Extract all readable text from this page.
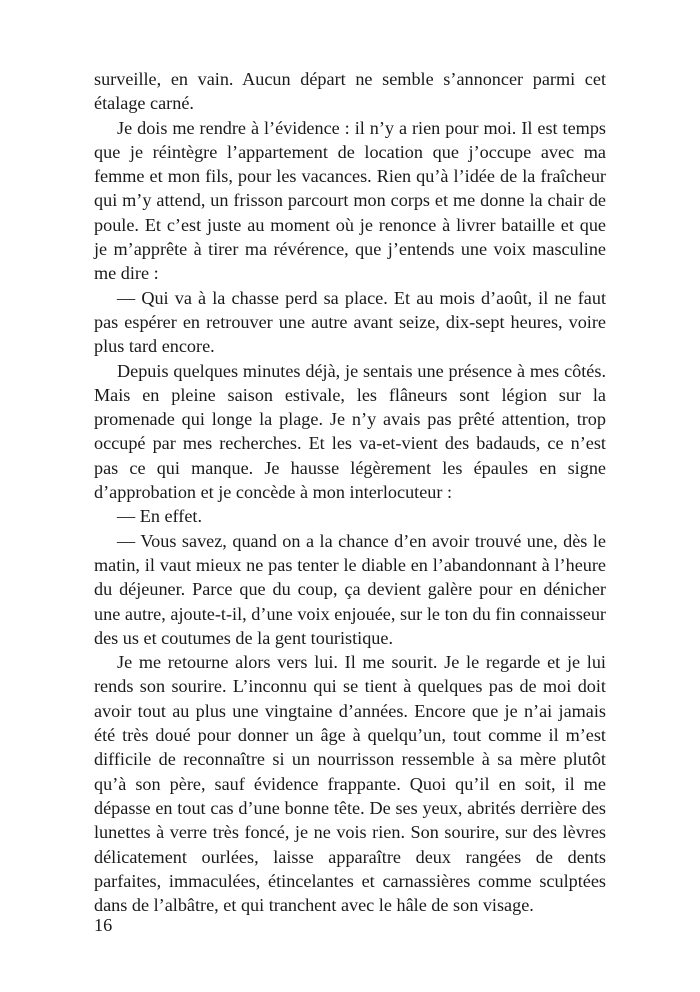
surveille, en vain. Aucun départ ne semble s’annoncer parmi cet étalage carné.

Je dois me rendre à l’évidence : il n’y a rien pour moi. Il est temps que je réintègre l’appartement de location que j’occupe avec ma femme et mon fils, pour les vacances. Rien qu’à l’idée de la fraîcheur qui m’y attend, un frisson parcourt mon corps et me donne la chair de poule. Et c’est juste au moment où je renonce à livrer bataille et que je m’apprête à tirer ma révérence, que j’entends une voix masculine me dire :

— Qui va à la chasse perd sa place. Et au mois d’août, il ne faut pas espérer en retrouver une autre avant seize, dix-sept heures, voire plus tard encore.

Depuis quelques minutes déjà, je sentais une présence à mes côtés. Mais en pleine saison estivale, les flâneurs sont légion sur la promenade qui longe la plage. Je n’y avais pas prêté attention, trop occupé par mes recherches. Et les va-et-vient des badauds, ce n’est pas ce qui manque. Je hausse légèrement les épaules en signe d’approbation et je concède à mon interlocuteur :

— En effet.

— Vous savez, quand on a la chance d’en avoir trouvé une, dès le matin, il vaut mieux ne pas tenter le diable en l’abandonnant à l’heure du déjeuner. Parce que du coup, ça devient galère pour en dénicher une autre, ajoute-t-il, d’une voix enjouée, sur le ton du fin connaisseur des us et coutumes de la gent touristique.

Je me retourne alors vers lui. Il me sourit. Je le regarde et je lui rends son sourire. L’inconnu qui se tient à quelques pas de moi doit avoir tout au plus une vingtaine d’années. Encore que je n’ai jamais été très doué pour donner un âge à quelqu’un, tout comme il m’est difficile de reconnaître si un nourrisson ressemble à sa mère plutôt qu’à son père, sauf évidence frappante. Quoi qu’il en soit, il me dépasse en tout cas d’une bonne tête. De ses yeux, abrités derrière des lunettes à verre très foncé, je ne vois rien. Son sourire, sur des lèvres délicatement ourlées, laisse apparaître deux rangées de dents parfaites, immaculées, étincelantes et carnassières comme sculptées dans de l’albâtre, et qui tranchent avec le hâle de son visage.

16
